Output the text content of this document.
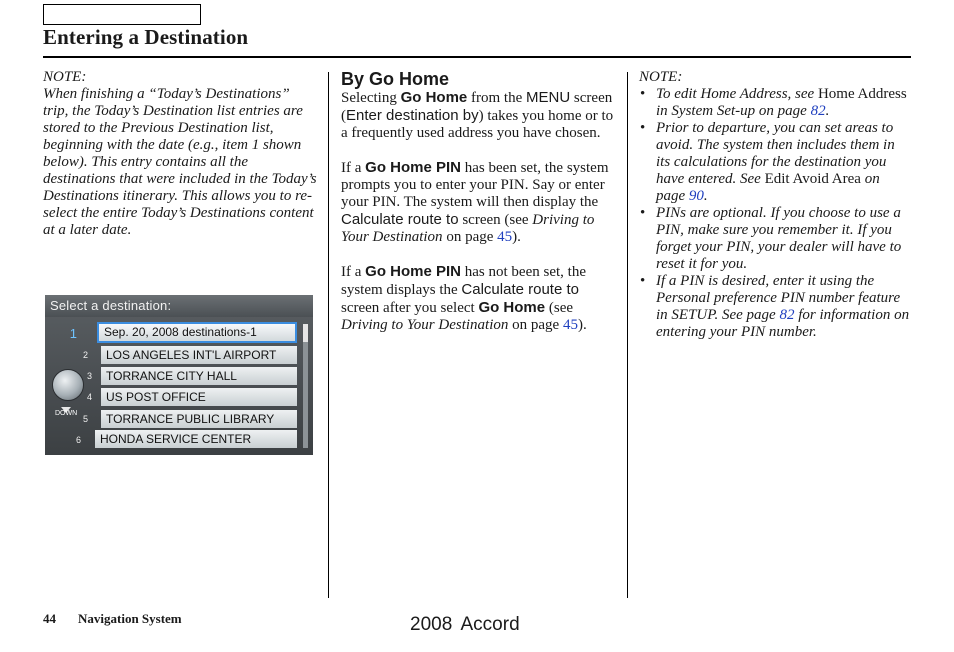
Entering a Destination

NOTE:

When finishing a “Today’s Destinations” trip, the Today’s Destination list entries are stored to the Previous Destination list, beginning with the date (e.g., item 1 shown below). This entry contains all the destinations that were included in the Today’s Destinations itinerary. This allows you to re-select the entire Today’s Destinations content at a later date.

Select a destination:
DOWN
1	Sep. 20, 2008 destinations-1
2	LOS ANGELES INT'L AIRPORT
3	TORRANCE CITY HALL
4	US POST OFFICE
5	TORRANCE PUBLIC LIBRARY
6	HONDA SERVICE CENTER
By Go Home

Selecting Go Home from the MENU screen (Enter destination by) takes you home or to a frequently used address you have chosen.

If a Go Home PIN has been set, the system prompts you to enter your PIN. Say or enter your PIN. The system will then display the Calculate route to screen (see Driving to Your Destination on page 45).

If a Go Home PIN has not been set, the system displays the Calculate route to screen after you select Go Home (see Driving to Your Destination on page 45).

NOTE:

• To edit Home Address, see Home Address in System Set-up on page 82.
• Prior to departure, you can set areas to avoid. The system then includes them in its calculations for the destination you have entered. See Edit Avoid Area on page 90.
• PINs are optional. If you choose to use a PIN, make sure you remember it. If you forget your PIN, your dealer will have to reset it for you.
• If a PIN is desired, enter it using the Personal preference PIN number feature in SETUP. See page 82 for information on entering your PIN number.
44 Navigation System	2008 Accord
